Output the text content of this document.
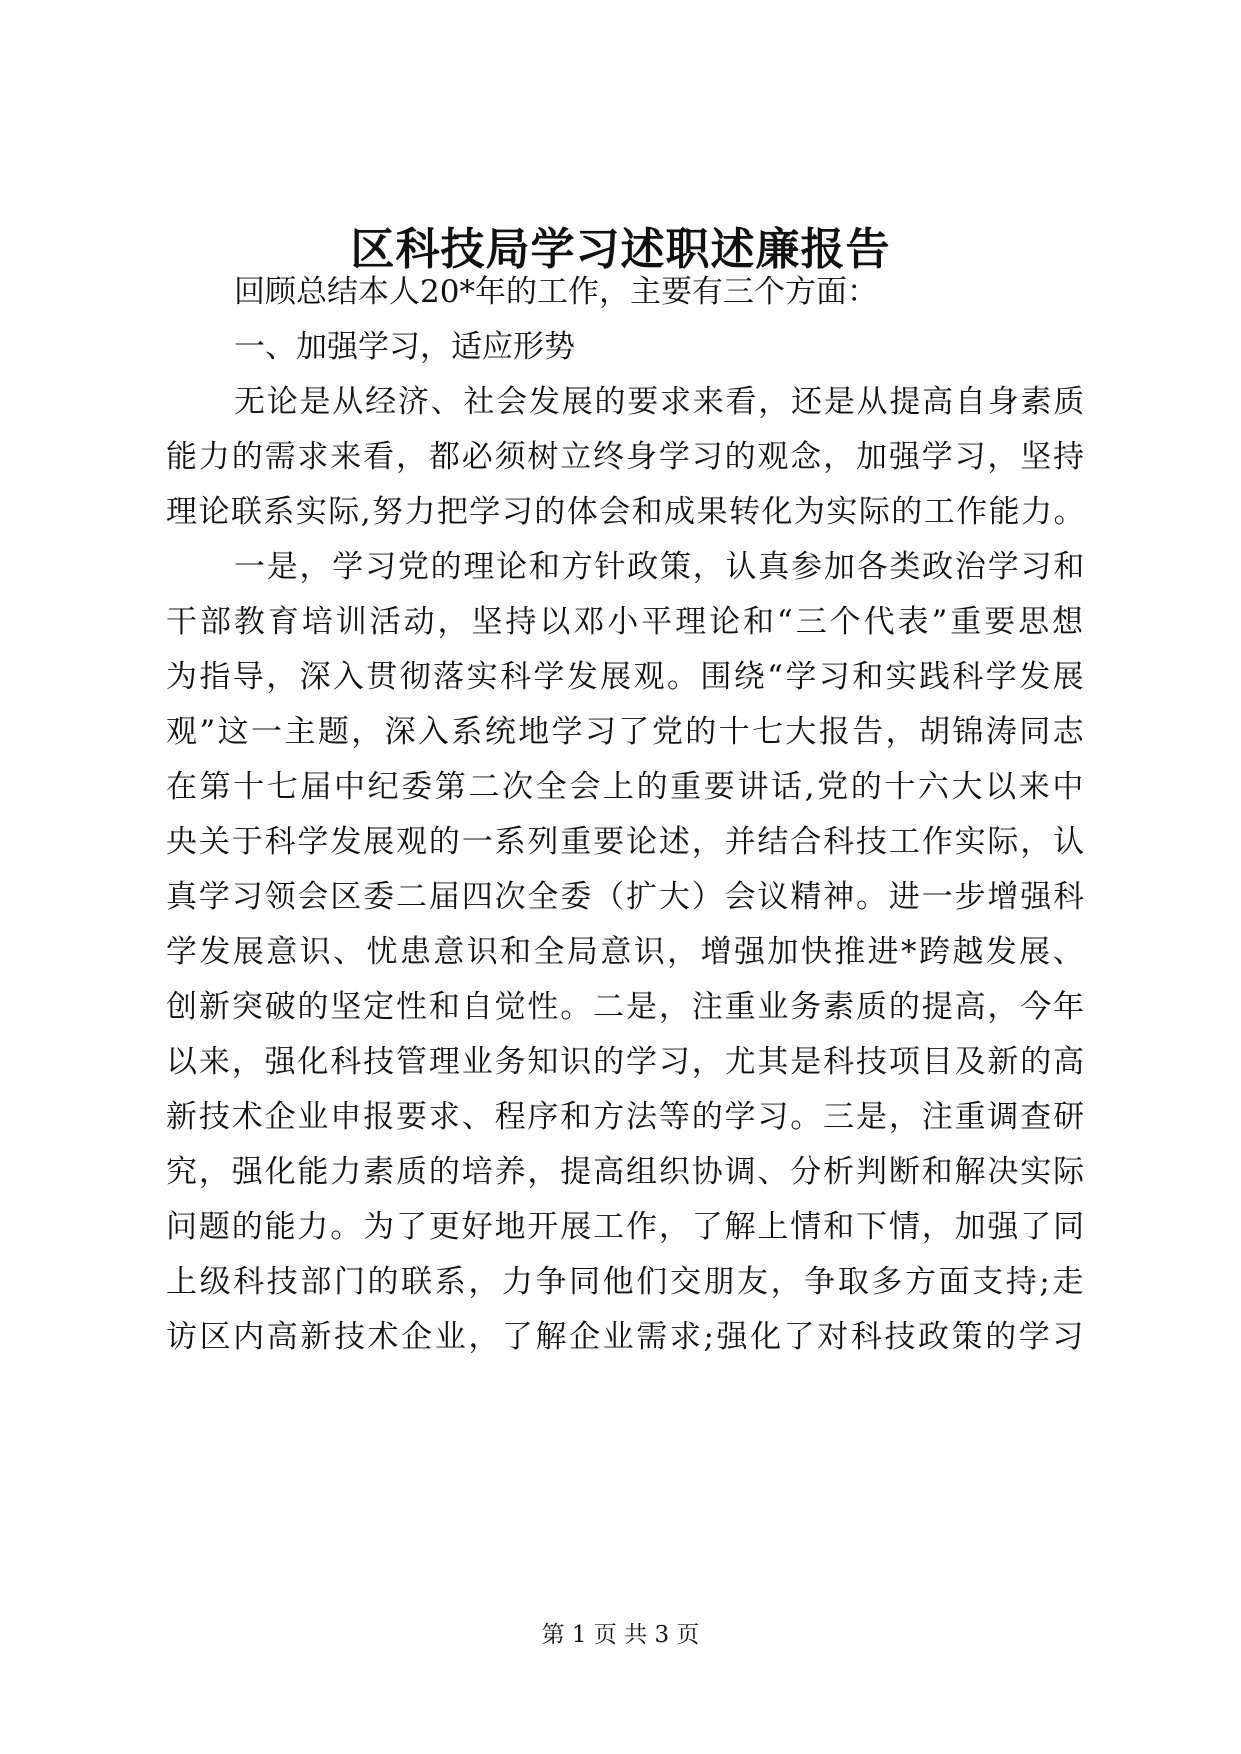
区科技局学习述职述廉报告
回顾总结本人20*年的工作，主要有三个方面：
一、加强学习，适应形势
无论是从经济、社会发展的要求来看，还是从提高自身素质
能力的需求来看，都必须树立终身学习的观念，加强学习，坚持
理论联系实际,努力把学习的体会和成果转化为实际的工作能力。
一是，学习党的理论和方针政策，认真参加各类政治学习和
干部教育培训活动，坚持以邓小平理论和“三个代表”重要思想
为指导，深入贯彻落实科学发展观。围绕“学习和实践科学发展
观”这一主题，深入系统地学习了党的十七大报告，胡锦涛同志
在第十七届中纪委第二次全会上的重要讲话,党的十六大以来中
央关于科学发展观的一系列重要论述，并结合科技工作实际，认
真学习领会区委二届四次全委（扩大）会议精神。进一步增强科
学发展意识、忧患意识和全局意识，增强加快推进*跨越发展、
创新突破的坚定性和自觉性。二是，注重业务素质的提高，今年
以来，强化科技管理业务知识的学习，尤其是科技项目及新的高
新技术企业申报要求、程序和方法等的学习。三是，注重调查研
究，强化能力素质的培养，提高组织协调、分析判断和解决实际
问题的能力。为了更好地开展工作，了解上情和下情，加强了同
上级科技部门的联系，力争同他们交朋友，争取多方面支持;走
访区内高新技术企业，了解企业需求;强化了对科技政策的学习
第 1 页 共 3 页
